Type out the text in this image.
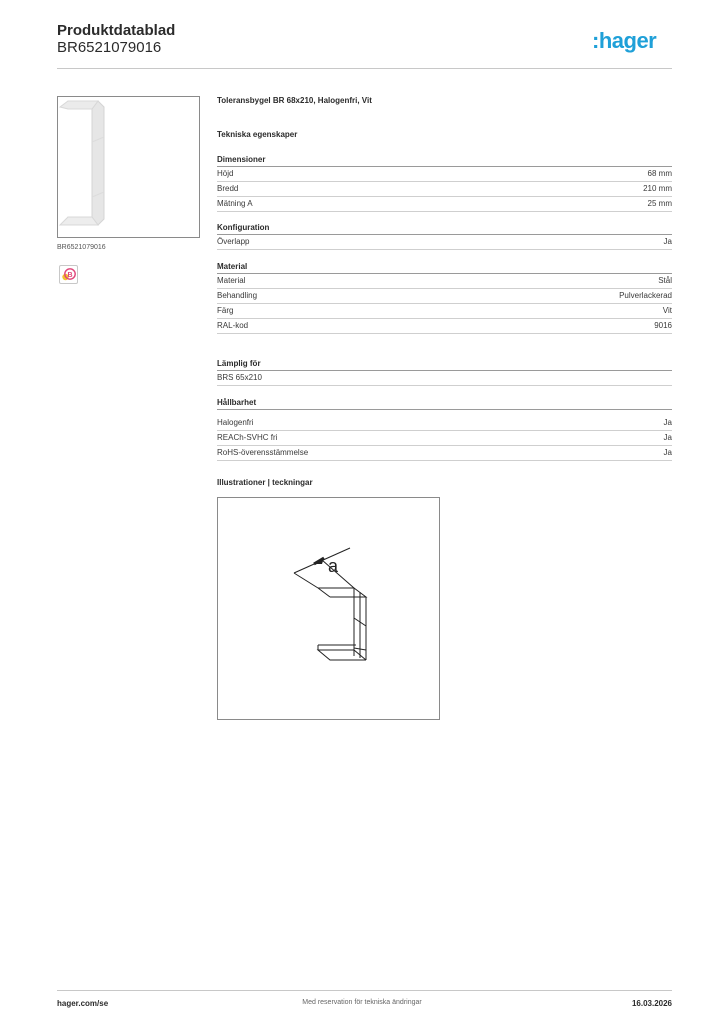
Produktdatablad
BR6521079016	:hager
BR6521079016
B
Toleransbygel BR 68x210, Halogenfri, Vit
Tekniska egenskaper
Dimensioner
Höjd	68 mm
Bredd	210 mm
Mätning A	25 mm
Konfiguration
Överlapp	Ja
Material
Material	Stål
Behandling	Pulverlackerad
Färg	Vit
RAL-kod	9016
Lämplig för
BRS 65x210
Hållbarhet
Halogenfri	Ja
REACh-SVHC fri	Ja
RoHS-överensstämmelse	Ja
Illustrationer | teckningar
a
hager.com/se	Med reservation för tekniska ändringar	16.03.2026
